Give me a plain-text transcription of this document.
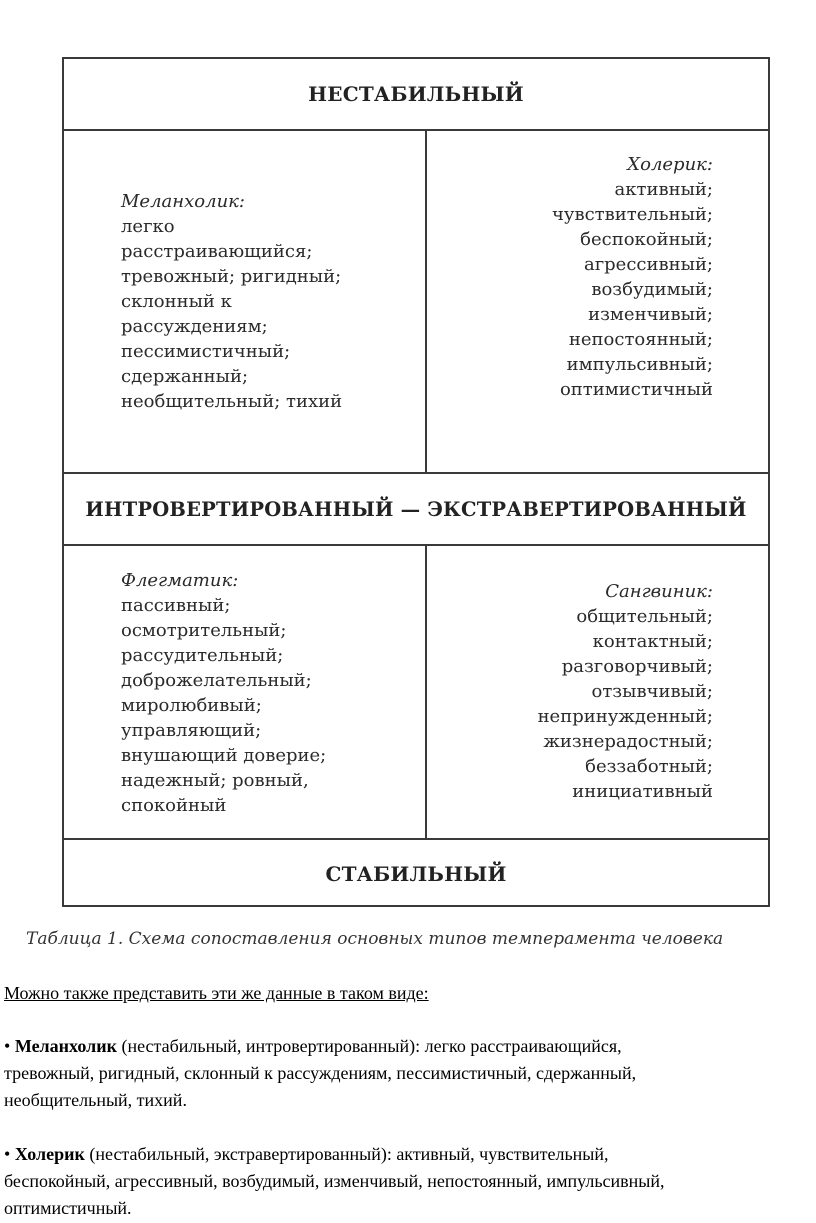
НЕСТАБИЛЬНЫЙ
Меланхолик:
легко
расстраивающийся;
тревожный; ригидный;
склонный к
рассуждениям;
пессимистичный;
сдержанный;
необщительный; тихий
Холерик:
активный;
чувствительный;
беспокойный;
агрессивный;
возбудимый;
изменчивый;
непостоянный;
импульсивный;
оптимистичный
ИНТРОВЕРТИРОВАННЫЙ — ЭКСТРАВЕРТИРОВАННЫЙ
Флегматик:
пассивный;
осмотрительный;
рассудительный;
доброжелательный;
миролюбивый;
управляющий;
внушающий доверие;
надежный; ровный,
спокойный
Сангвиник:
общительный;
контактный;
разговорчивый;
отзывчивый;
непринужденный;
жизнерадостный;
беззаботный;
инициативный
СТАБИЛЬНЫЙ
Таблица 1. Схема сопоставления основных типов темперамента человека
Можно также представить эти же данные в таком виде:
• Меланхолик (нестабильный, интровертированный): легко расстраивающийся,
тревожный, ригидный, склонный к рассуждениям, пессимистичный, сдержанный,
необщительный, тихий.
• Холерик (нестабильный, экстравертированный): активный, чувствительный,
беспокойный, агрессивный, возбудимый, изменчивый, непостоянный, импульсивный,
оптимистичный.
